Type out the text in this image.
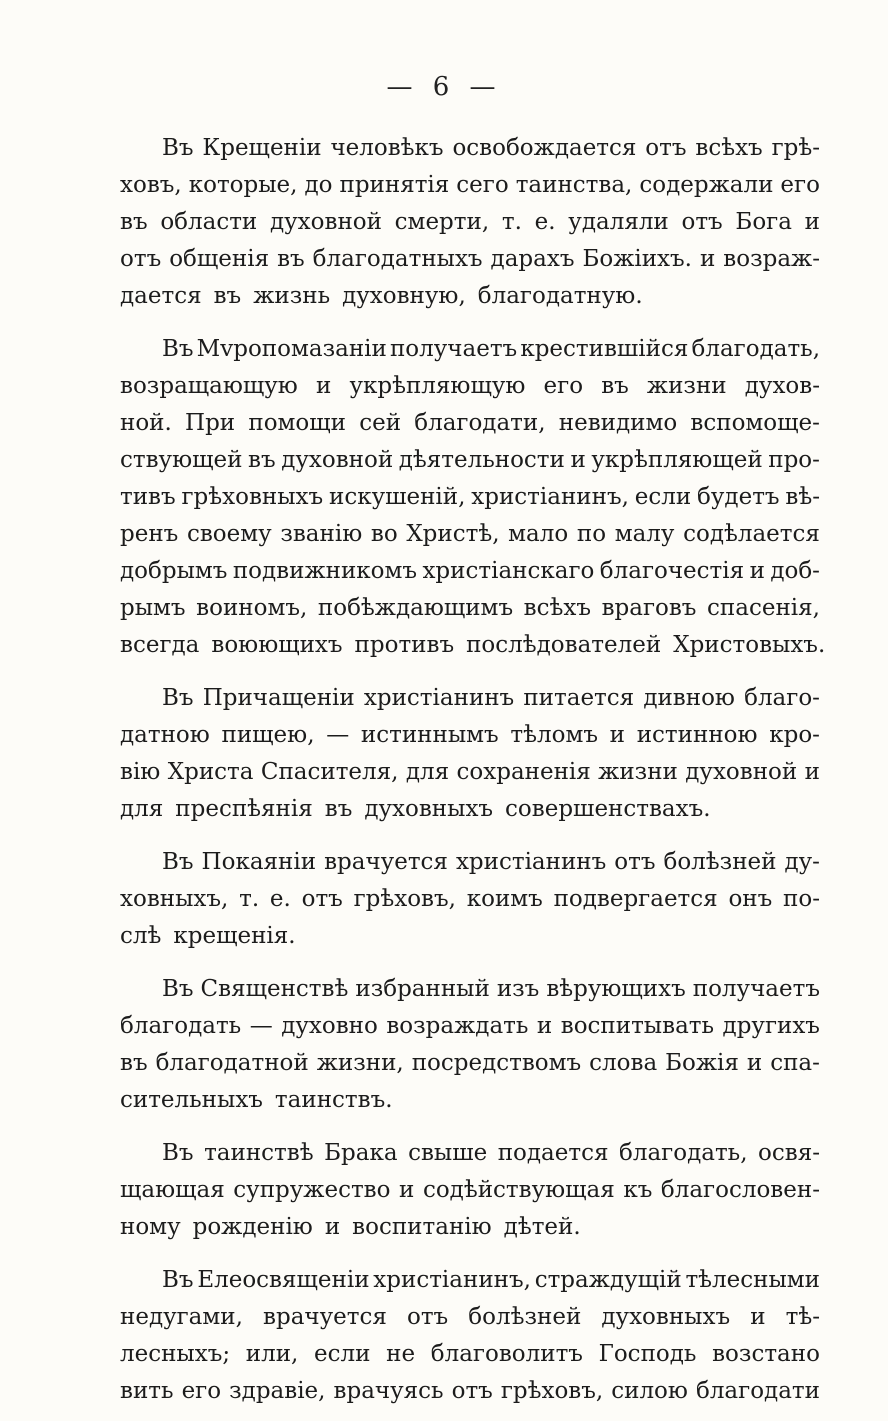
— 6 —
Въ Крещеніи человѣкъ освобождается отъ всѣхъ грѣ-
ховъ, которые, до принятія сего таинства, содержали его
въ области духовной смерти, т. е. удаляли отъ Бога и
отъ общенія въ благодатныхъ дарахъ Божіихъ. и возраж-
дается въ жизнь духовную, благодатную.
Въ Мvропомазаніи получаетъ крестившійся благодать,
возращающую и укрѣпляющую его въ жизни духов-
ной. При помощи сей благодати, невидимо вспомоще-
ствующей въ духовной дѣятельности и укрѣпляющей про-
тивъ грѣховныхъ искушеній, христіанинъ, если будетъ вѣ-
ренъ своему званію во Христѣ, мало по малу содѣлается
добрымъ подвижникомъ христіанскаго благочестія и доб-
рымъ воиномъ, побѣждающимъ всѣхъ враговъ спасенія,
всегда воюющихъ противъ послѣдователей Христовыхъ.
Въ Причащеніи христіанинъ питается дивною благо-
датною пищею, — истиннымъ тѣломъ и истинною кро-
вію Христа Спасителя, для сохраненія жизни духовной и
для преспѣянія въ духовныхъ совершенствахъ.
Въ Покаяніи врачуется христіанинъ отъ болѣзней ду-
ховныхъ, т. е. отъ грѣховъ, коимъ подвергается онъ по-
слѣ крещенія.
Въ Священствѣ избранный изъ вѣрующихъ получаетъ
благодать — духовно возраждать и воспитывать другихъ
въ благодатной жизни, посредствомъ слова Божія и спа-
сительныхъ таинствъ.
Въ таинствѣ Брака свыше подается благодать, освя-
щающая супружество и содѣйствующая къ благословен-
ному рожденію и воспитанію дѣтей.
Въ Елеосвященіи христіанинъ, страждущій тѣлесными
недугами, врачуется отъ болѣзней духовныхъ и тѣ-
лесныхъ; или, если не благоволитъ Господь возстано
вить его здравіе, врачуясь отъ грѣховъ, силою благодати
